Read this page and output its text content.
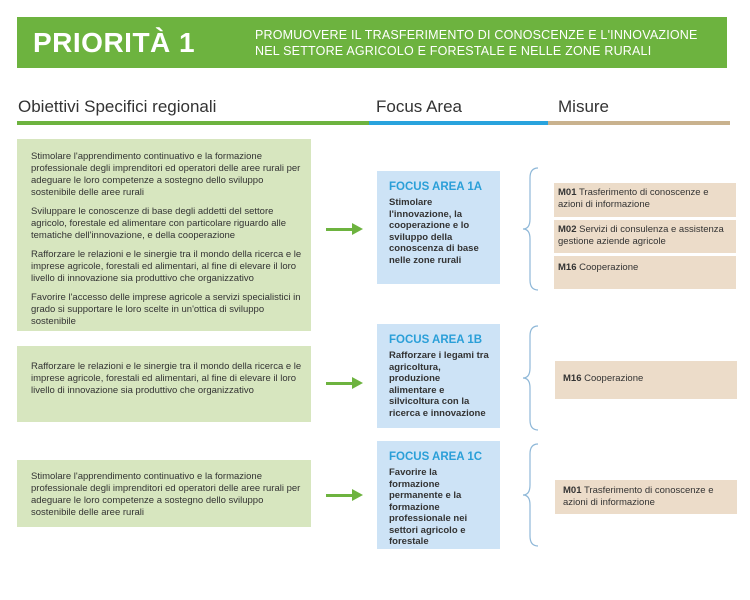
PRIORITÀ 1	PROMUOVERE IL TRASFERIMENTO DI CONOSCENZE E L'INNOVAZIONE
NEL SETTORE AGRICOLO E FORESTALE E NELLE ZONE RURALI
Obiettivi Specifici regionali	Focus Area	Misure

Stimolare l'apprendimento continuativo e la formazione professionale degli imprenditori ed operatori delle aree rurali per adeguare le loro competenze a sostegno dello sviluppo sostenibile delle aree rurali

Sviluppare le conoscenze di base degli addetti del settore agricolo, forestale ed alimentare con particolare riguardo alle tematiche dell'innovazione, e della cooperazione

Rafforzare le relazioni e le sinergie tra il mondo della ricerca e le imprese agricole, forestali ed alimentari, al fine di elevare il loro livello di innovazione sia produttivo che organizzativo

Favorire l'accesso delle imprese agricole a servizi specialistici in grado si supportare le loro scelte in un'ottica di sviluppo sostenibile

Rafforzare le relazioni e le sinergie tra il mondo della ricerca e le imprese agricole, forestali ed alimentari, al fine di elevare il loro livello di innovazione sia produttivo che organizzativo

Stimolare l'apprendimento continuativo e la formazione professionale degli imprenditori ed operatori delle aree rurali per adeguare le loro competenze a sostegno dello sviluppo sostenibile delle aree rurali

FOCUS AREA 1A
Stimolare l'innovazione, la cooperazione e lo sviluppo della conoscenza di base nelle zone rurali
FOCUS AREA 1B
Rafforzare i legami tra agricoltura, produzione alimentare e silvicoltura con la ricerca e innovazione
FOCUS AREA 1C
Favorire la formazione permanente e la formazione professionale nei settori agricolo e forestale
M01 Trasferimento di conoscenze e azioni di informazione
M02 Servizi di consulenza e assistenza gestione aziende agricole
M16 Cooperazione
M16 Cooperazione
M01 Trasferimento di conoscenze e azioni di informazione
